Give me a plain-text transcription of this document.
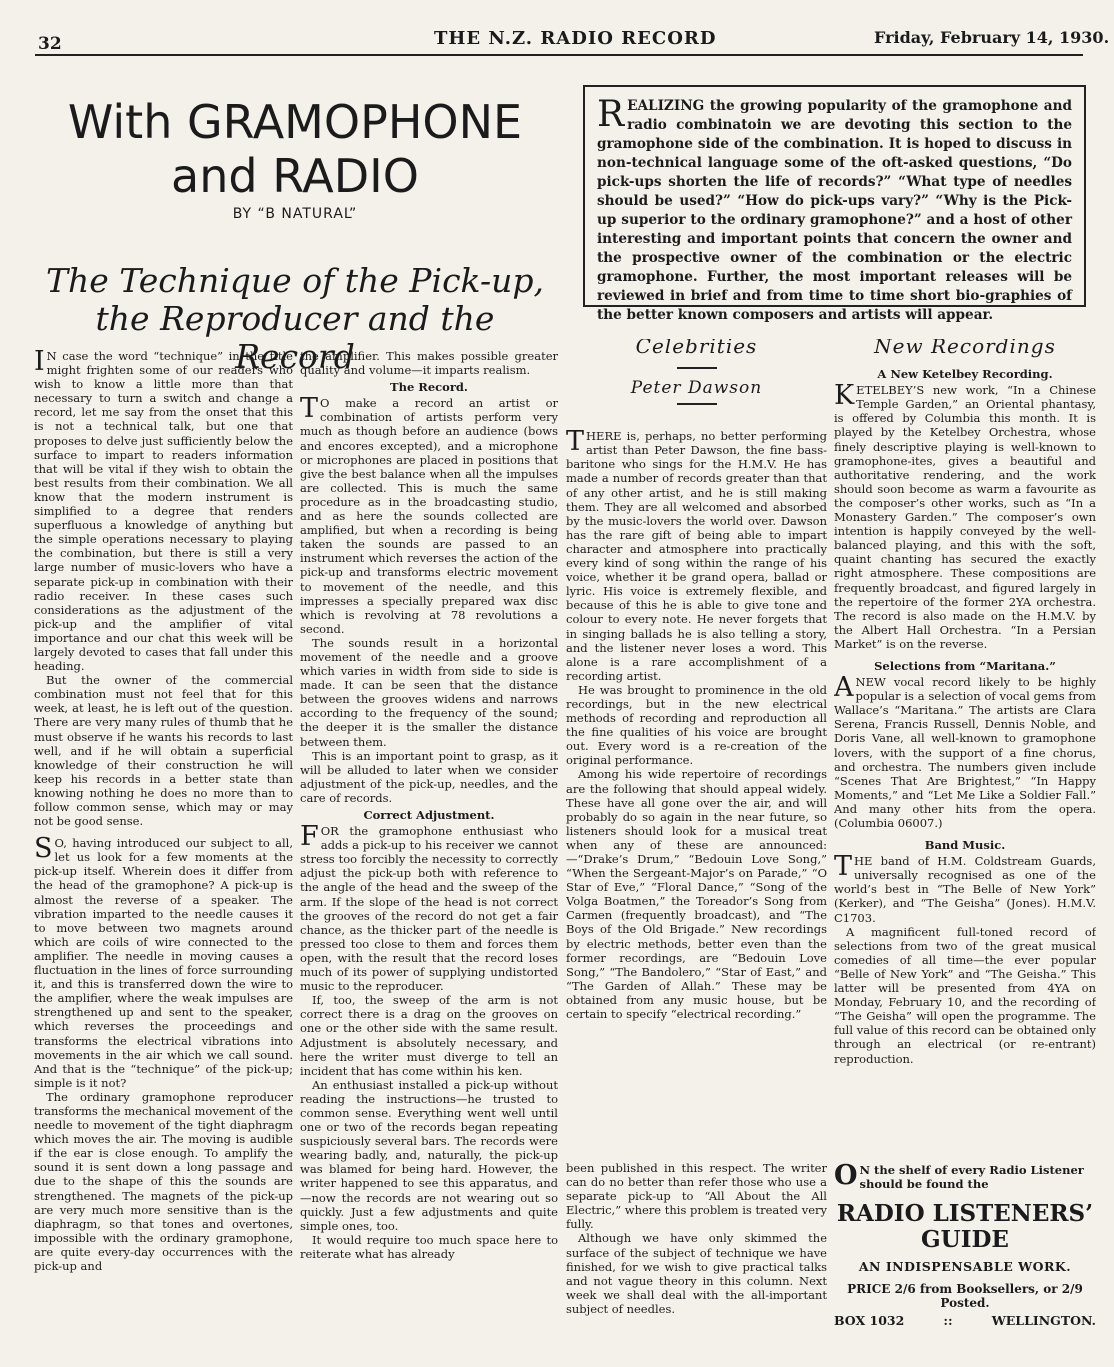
32	THE N.Z. RADIO RECORD	Friday, February 14, 1930.
With GRAMOPHONE
and RADIO
BY “B NATURAL”
The Technique of the Pick-up,
the Reproducer and the Record
REALIZING the growing popularity of the gramophone and radio combinatoin we are devoting this section to the gramophone side of the combination. It is hoped to discuss in non-technical language some of the oft-asked questions, “Do pick-ups shorten the life of records?” “What type of needles should be used?” “How do pick-ups vary?” “Why is the Pick-up superior to the ordinary gramophone?” and a host of other interesting and important points that concern the owner and the prospective owner of the combination or the electric gramophone. Further, the most important releases will be reviewed in brief and from time to time short bio-graphies of the better known composers and artists will appear.

I N case the word “technique” in the title might frighten some of our readers who wish to know a little more than that necessary to turn a switch and change a record, let me say from the onset that this is not a technical talk, but one that proposes to delve just sufficiently below the surface to impart to readers information that will be vital if they wish to obtain the best results from their combination. We all know that the modern instrument is simplified to a degree that renders superfluous a knowledge of anything but the simple operations necessary to playing the combination, but there is still a very large number of music-lovers who have a separate pick-up in combination with their radio receiver. In these cases such considerations as the adjustment of the pick-up and the amplifier of vital importance and our chat this week will be largely devoted to cases that fall under this heading.

But the owner of the commercial combination must not feel that for this week, at least, he is left out of the question. There are very many rules of thumb that he must observe if he wants his records to last well, and if he will obtain a superficial knowledge of their construction he will keep his records in a better state than knowing nothing he does no more than to follow common sense, which may or may not be good sense.

S O, having introduced our subject to all, let us look for a few moments at the pick-up itself. Wherein does it differ from the head of the gramophone? A pick-up is almost the reverse of a speaker. The vibration imparted to the needle causes it to move between two magnets around which are coils of wire connected to the amplifier. The needle in moving causes a fluctuation in the lines of force surrounding it, and this is transferred down the wire to the amplifier, where the weak impulses are strengthened up and sent to the speaker, which reverses the proceedings and transforms the electrical vibrations into movements in the air which we call sound. And that is the “technique” of the pick-up; simple is it not?

The ordinary gramophone reproducer transforms the mechanical movement of the needle to movement of the tight diaphragm which moves the air. The moving is audible if the ear is close enough. To amplify the sound it is sent down a long passage and due to the shape of this the sounds are strengthened. The magnets of the pick-up are very much more sensitive than is the diaphragm, so that tones and overtones, impossible with the ordinary gramophone, are quite every-day occurrences with the pick-up and

the amplifier. This makes possible greater quality and volume—it imparts realism.

The Record.

T O make a record an artist or combination of artists perform very much as though before an audience (bows and encores excepted), and a microphone or microphones are placed in positions that give the best balance when all the impulses are collected. This is much the same procedure as in the broadcasting studio, and as here the sounds collected are amplified, but when a recording is being taken the sounds are passed to an instrument which reverses the action of the pick-up and transforms electric movement to movement of the needle, and this impresses a specially prepared wax disc which is revolving at 78 revolutions a second.

The sounds result in a horizontal movement of the needle and a groove which varies in width from side to side is made. It can be seen that the distance between the grooves widens and narrows according to the frequency of the sound; the deeper it is the smaller the distance between them.

This is an important point to grasp, as it will be alluded to later when we consider adjustment of the pick-up, needles, and the care of records.

Correct Adjustment.

FOR the gramophone enthusiast who adds a pick-up to his receiver we cannot stress too forcibly the necessity to correctly adjust the pick-up both with reference to the angle of the head and the sweep of the arm. If the slope of the head is not correct the grooves of the record do not get a fair chance, as the thicker part of the needle is pressed too close to them and forces them open, with the result that the record loses much of its power of supplying undistorted music to the reproducer.

If, too, the sweep of the arm is not correct there is a drag on the grooves on one or the other side with the same result. Adjustment is absolutely necessary, and here the writer must diverge to tell an incident that has come within his ken.

An enthusiast installed a pick-up without reading the instructions—he trusted to common sense. Everything went well until one or two of the records began repeating suspiciously several bars. The records were wearing badly, and, naturally, the pick-up was blamed for being hard. However, the writer happened to see this apparatus, and—now the records are not wearing out so quickly. Just a few adjustments and quite simple ones, too.

It would require too much space here to reiterate what has already

Celebrities
Peter Dawson

THERE is, perhaps, no better performing artist than Peter Dawson, the fine bass-baritone who sings for the H.M.V. He has made a number of records greater than that of any other artist, and he is still making them. They are all welcomed and absorbed by the music-lovers the world over. Dawson has the rare gift of being able to impart character and atmosphere into practically every kind of song within the range of his voice, whether it be grand opera, ballad or lyric. His voice is extremely flexible, and because of this he is able to give tone and colour to every note. He never forgets that in singing ballads he is also telling a story, and the listener never loses a word. This alone is a rare accomplishment of a recording artist.

He was brought to prominence in the old recordings, but in the new electrical methods of recording and reproduction all the fine qualities of his voice are brought out. Every word is a re-creation of the original performance.

Among his wide repertoire of recordings are the following that should appeal widely. These have all gone over the air, and will probably do so again in the near future, so listeners should look for a musical treat when any of these are announced:—“Drake’s Drum,” “Bedouin Love Song,” “When the Sergeant-Major’s on Parade,” “O Star of Eve,” “Floral Dance,” “Song of the Volga Boatmen,” the Toreador’s Song from Carmen (frequently broadcast), and “The Boys of the Old Brigade.” New recordings by electric methods, better even than the former recordings, are “Bedouin Love Song,” “The Bandolero,” “Star of East,” and “The Garden of Allah.” These may be obtained from any music house, but be certain to specify “electrical recording.”

been published in this respect. The writer can do no better than refer those who use a separate pick-up to “All About the All Electric,” where this problem is treated very fully.

Although we have only skimmed the surface of the subject of technique we have finished, for we wish to give practical talks and not vague theory in this column. Next week we shall deal with the all-important subject of needles.

New Recordings
A New Ketelbey Recording.

KETELBEY’S new work, “In a Chinese Temple Garden,” an Oriental phantasy, is offered by Columbia this month. It is played by the Ketelbey Orchestra, whose finely descriptive playing is well-known to gramophone-ites, gives a beautiful and authoritative rendering, and the work should soon become as warm a favourite as the composer’s other works, such as “In a Monastery Garden.” The composer’s own intention is happily conveyed by the well-balanced playing, and this with the soft, quaint chanting has secured the exactly right atmosphere. These compositions are frequently broadcast, and figured largely in the repertoire of the former 2YA orchestra. The record is also made on the H.M.V. by the Albert Hall Orchestra. “In a Persian Market” is on the reverse.

Selections from “Maritana.”

ANEW vocal record likely to be highly popular is a selection of vocal gems from Wallace’s “Maritana.” The artists are Clara Serena, Francis Russell, Dennis Noble, and Doris Vane, all well-known to gramophone lovers, with the support of a fine chorus, and orchestra. The numbers given include “Scenes That Are Brightest,” “In Happy Moments,” and “Let Me Like a Soldier Fall.” And many other hits from the opera. (Columbia 06007.)

Band Music.

THE band of H.M. Coldstream Guards, universally recognised as one of the world’s best in “The Belle of New York” (Kerker), and “The Geisha” (Jones). H.M.V. C1703.

A magnificent full-toned record of selections from two of the great musical comedies of all time—the ever popular “Belle of New York” and “The Geisha.” This latter will be presented from 4YA on Monday, February 10, and the recording of “The Geisha” will open the programme. The full value of this record can be obtained only through an electrical (or re-entrant) reproduction.

O N the shelf of every Radio Listener should be found the
RADIO LISTENERS’
GUIDE
AN INDISPENSABLE WORK.
PRICE 2/6 from Booksellers, or 2/9 Posted.
BOX 1032	::	WELLINGTON.
